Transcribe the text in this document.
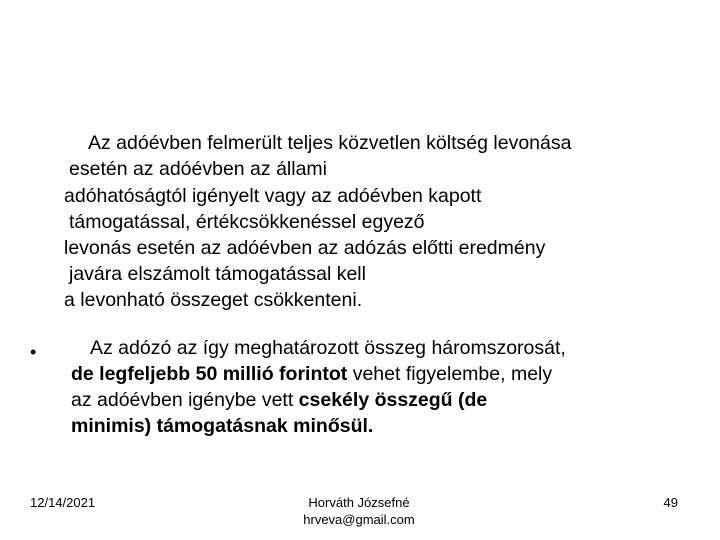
Az adóévben felmerült teljes közvetlen költség levonása
esetén az adóévben az állami
adóhatóságtól igényelt vagy az adóévben kapott
támogatással, értékcsökkenéssel egyező
levonás esetén az adóévben az adózás előtti eredmény
javára elszámolt támogatással kell
a levonható összeget csökkenteni.
•	Az adózó az így meghatározott összeg háromszorosát,
de legfeljebb 50 millió forintot vehet figyelembe, mely
az adóévben igénybe vett csekély összegű (de
minimis) támogatásnak minősül.
12/14/2021	Horváth Józsefné
hrveva@gmail.com
49
